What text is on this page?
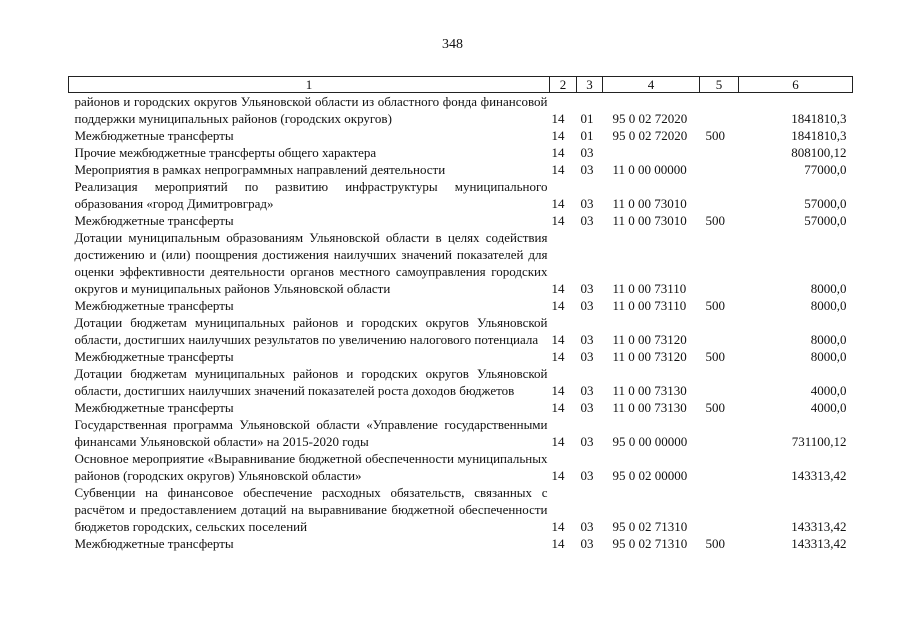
348
1	2	3	4	5	6
районов и городских округов Ульяновской области из областного фонда финансовой поддержки муниципальных районов (городских округов)	14	01	95 0 02 72020		1841810,3
Межбюджетные трансферты	14	01	95 0 02 72020	500	1841810,3
Прочие межбюджетные трансферты общего характера	14	03			808100,12
Мероприятия в рамках непрограммных направлений деятельности	14	03	11 0 00 00000		77000,0
Реализация мероприятий по развитию инфраструктуры муниципального образования «город Димитровград»	14	03	11 0 00 73010		57000,0
Межбюджетные трансферты	14	03	11 0 00 73010	500	57000,0
Дотации муниципальным образованиям Ульяновской области в целях содействия достижению и (или) поощрения достижения наилучших значений показателей для оценки эффективности деятельности органов местного самоуправления городских округов и муниципальных районов Ульяновской области	14	03	11 0 00 73110		8000,0
Межбюджетные трансферты	14	03	11 0 00 73110	500	8000,0
Дотации бюджетам муниципальных районов и городских округов Ульяновской области, достигших наилучших результатов по увеличению налогового потенциала	14	03	11 0 00 73120		8000,0
Межбюджетные трансферты	14	03	11 0 00 73120	500	8000,0
Дотации бюджетам муниципальных районов и городских округов Ульяновской области, достигших наилучших значений показателей роста доходов бюджетов	14	03	11 0 00 73130		4000,0
Межбюджетные трансферты	14	03	11 0 00 73130	500	4000,0
Государственная программа Ульяновской области «Управление государственными финансами Ульяновской области» на 2015-2020 годы	14	03	95 0 00 00000		731100,12
Основное мероприятие «Выравнивание бюджетной обеспеченности муниципальных районов (городских округов) Ульяновской области»	14	03	95 0 02 00000		143313,42
Субвенции на финансовое обеспечение расходных обязательств, связанных с расчётом и предоставлением дотаций на выравнивание бюджетной обеспеченности бюджетов городских, сельских поселений	14	03	95 0 02 71310		143313,42
Межбюджетные трансферты	14	03	95 0 02 71310	500	143313,42
